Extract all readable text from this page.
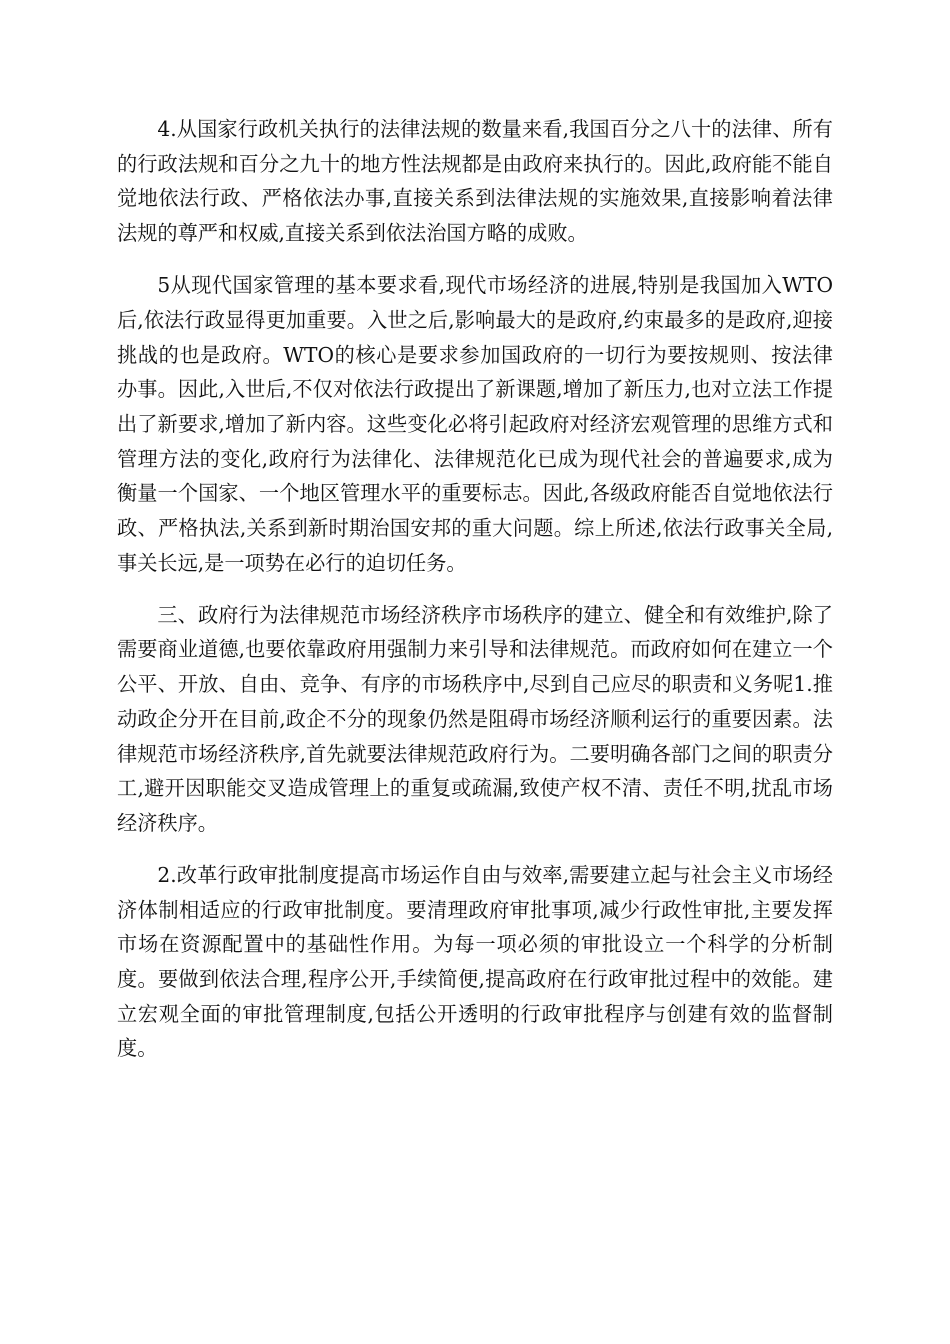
4.从国家行政机关执行的法律法规的数量来看,我国百分之八十的法律、所有的行政法规和百分之九十的地方性法规都是由政府来执行的。因此,政府能不能自觉地依法行政、严格依法办事,直接关系到法律法规的实施效果,直接影响着法律法规的尊严和权威,直接关系到依法治国方略的成败。

5从现代国家管理的基本要求看,现代市场经济的进展,特别是我国加入WTO后,依法行政显得更加重要。入世之后,影响最大的是政府,约束最多的是政府,迎接挑战的也是政府。WTO的核心是要求参加国政府的一切行为要按规则、按法律办事。因此,入世后,不仅对依法行政提出了新课题,增加了新压力,也对立法工作提出了新要求,增加了新内容。这些变化必将引起政府对经济宏观管理的思维方式和管理方法的变化,政府行为法律化、法律规范化已成为现代社会的普遍要求,成为衡量一个国家、一个地区管理水平的重要标志。因此,各级政府能否自觉地依法行政、严格执法,关系到新时期治国安邦的重大问题。综上所述,依法行政事关全局,事关长远,是一项势在必行的迫切任务。

三、政府行为法律规范市场经济秩序市场秩序的建立、健全和有效维护,除了需要商业道德,也要依靠政府用强制力来引导和法律规范。而政府如何在建立一个公平、开放、自由、竞争、有序的市场秩序中,尽到自己应尽的职责和义务呢1.推动政企分开在目前,政企不分的现象仍然是阻碍市场经济顺利运行的重要因素。法律规范市场经济秩序,首先就要法律规范政府行为。二要明确各部门之间的职责分工,避开因职能交叉造成管理上的重复或疏漏,致使产权不清、责任不明,扰乱市场经济秩序。

2.改革行政审批制度提高市场运作自由与效率,需要建立起与社会主义市场经济体制相适应的行政审批制度。要清理政府审批事项,减少行政性审批,主要发挥市场在资源配置中的基础性作用。为每一项必须的审批设立一个科学的分析制度。要做到依法合理,程序公开,手续简便,提高政府在行政审批过程中的效能。建立宏观全面的审批管理制度,包括公开透明的行政审批程序与创建有效的监督制度。
